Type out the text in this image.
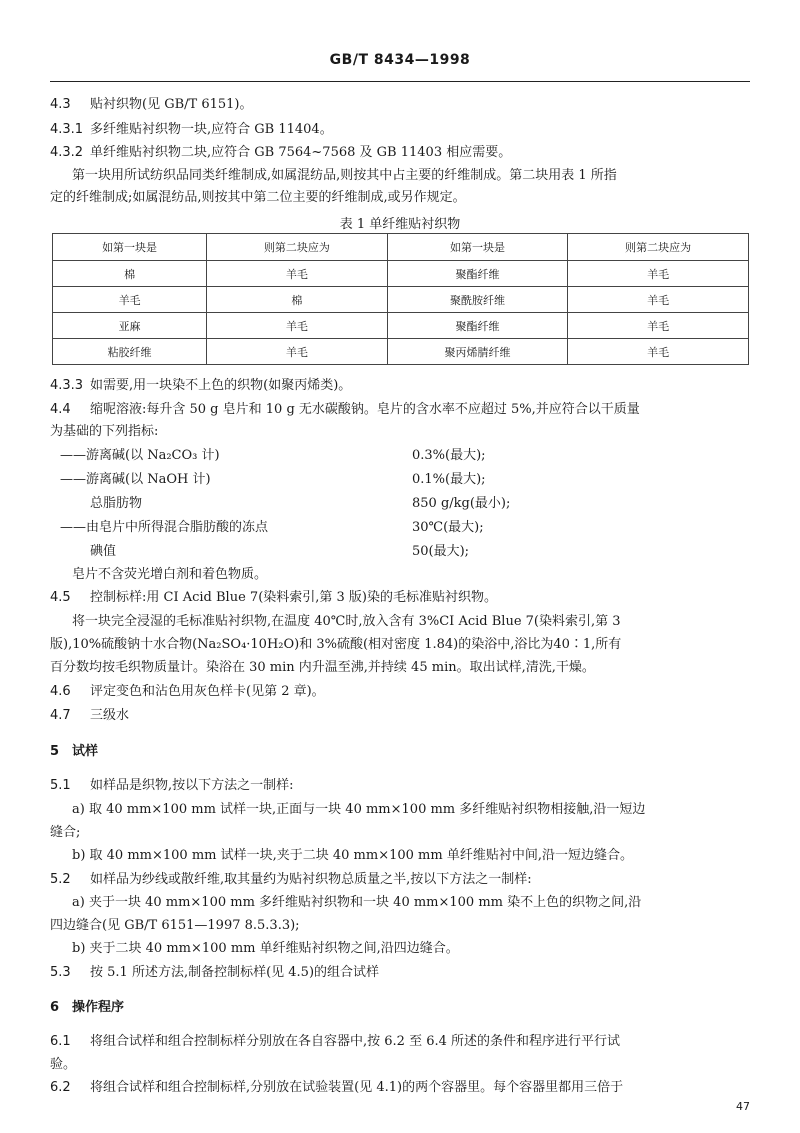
GB/T 8434—1998
4.3 贴衬织物(见 GB/T 6151)。
4.3.1 多纤维贴衬织物一块,应符合 GB 11404。
4.3.2 单纤维贴衬织物二块,应符合 GB 7564~7568 及 GB 11403 相应需要。
第一块用所试纺织品同类纤维制成,如属混纺品,则按其中占主要的纤维制成。第二块用表 1 所指
定的纤维制成;如属混纺品,则按其中第二位主要的纤维制成,或另作规定。
表 1 单纤维贴衬织物
如第一块是	则第二块应为	如第一块是	则第二块应为
棉	羊毛	聚酯纤维	羊毛
羊毛	棉	聚酰胺纤维	羊毛
亚麻	羊毛	聚酯纤维	羊毛
粘胶纤维	羊毛	聚丙烯腈纤维	羊毛
4.3.3 如需要,用一块染不上色的织物(如聚丙烯类)。
4.4 缩呢溶液:每升含 50 g 皂片和 10 g 无水碳酸钠。皂片的含水率不应超过 5%,并应符合以干质量
为基础的下列指标:
——游离碱(以 Na₂CO₃ 计)	0.3%(最大);
——游离碱(以 NaOH 计)	0.1%(最大);
总脂肪物	850 g/kg(最小);
——由皂片中所得混合脂肪酸的冻点	30℃(最大);
碘值	50(最大);
皂片不含荧光增白剂和着色物质。
4.5 控制标样:用 CI Acid Blue 7(染料索引,第 3 版)染的毛标准贴衬织物。
将一块完全浸湿的毛标准贴衬织物,在温度 40℃时,放入含有 3%CI Acid Blue 7(染料索引,第 3
版),10%硫酸钠十水合物(Na₂SO₄·10H₂O)和 3%硫酸(相对密度 1.84)的染浴中,浴比为40∶1,所有
百分数均按毛织物质量计。染浴在 30 min 内升温至沸,并持续 45 min。取出试样,清洗,干燥。
4.6 评定变色和沾色用灰色样卡(见第 2 章)。
4.7 三级水
5 试样
5.1 如样品是织物,按以下方法之一制样:
a) 取 40 mm×100 mm 试样一块,正面与一块 40 mm×100 mm 多纤维贴衬织物相接触,沿一短边
缝合;
b) 取 40 mm×100 mm 试样一块,夹于二块 40 mm×100 mm 单纤维贴衬中间,沿一短边缝合。
5.2 如样品为纱线或散纤维,取其量约为贴衬织物总质量之半,按以下方法之一制样:
a) 夹于一块 40 mm×100 mm 多纤维贴衬织物和一块 40 mm×100 mm 染不上色的织物之间,沿
四边缝合(见 GB/T 6151—1997 8.5.3.3);
b) 夹于二块 40 mm×100 mm 单纤维贴衬织物之间,沿四边缝合。
5.3 按 5.1 所述方法,制备控制标样(见 4.5)的组合试样
6 操作程序
6.1 将组合试样和组合控制标样分别放在各自容器中,按 6.2 至 6.4 所述的条件和程序进行平行试
验。
6.2 将组合试样和组合控制标样,分别放在试验装置(见 4.1)的两个容器里。每个容器里都用三倍于
47
